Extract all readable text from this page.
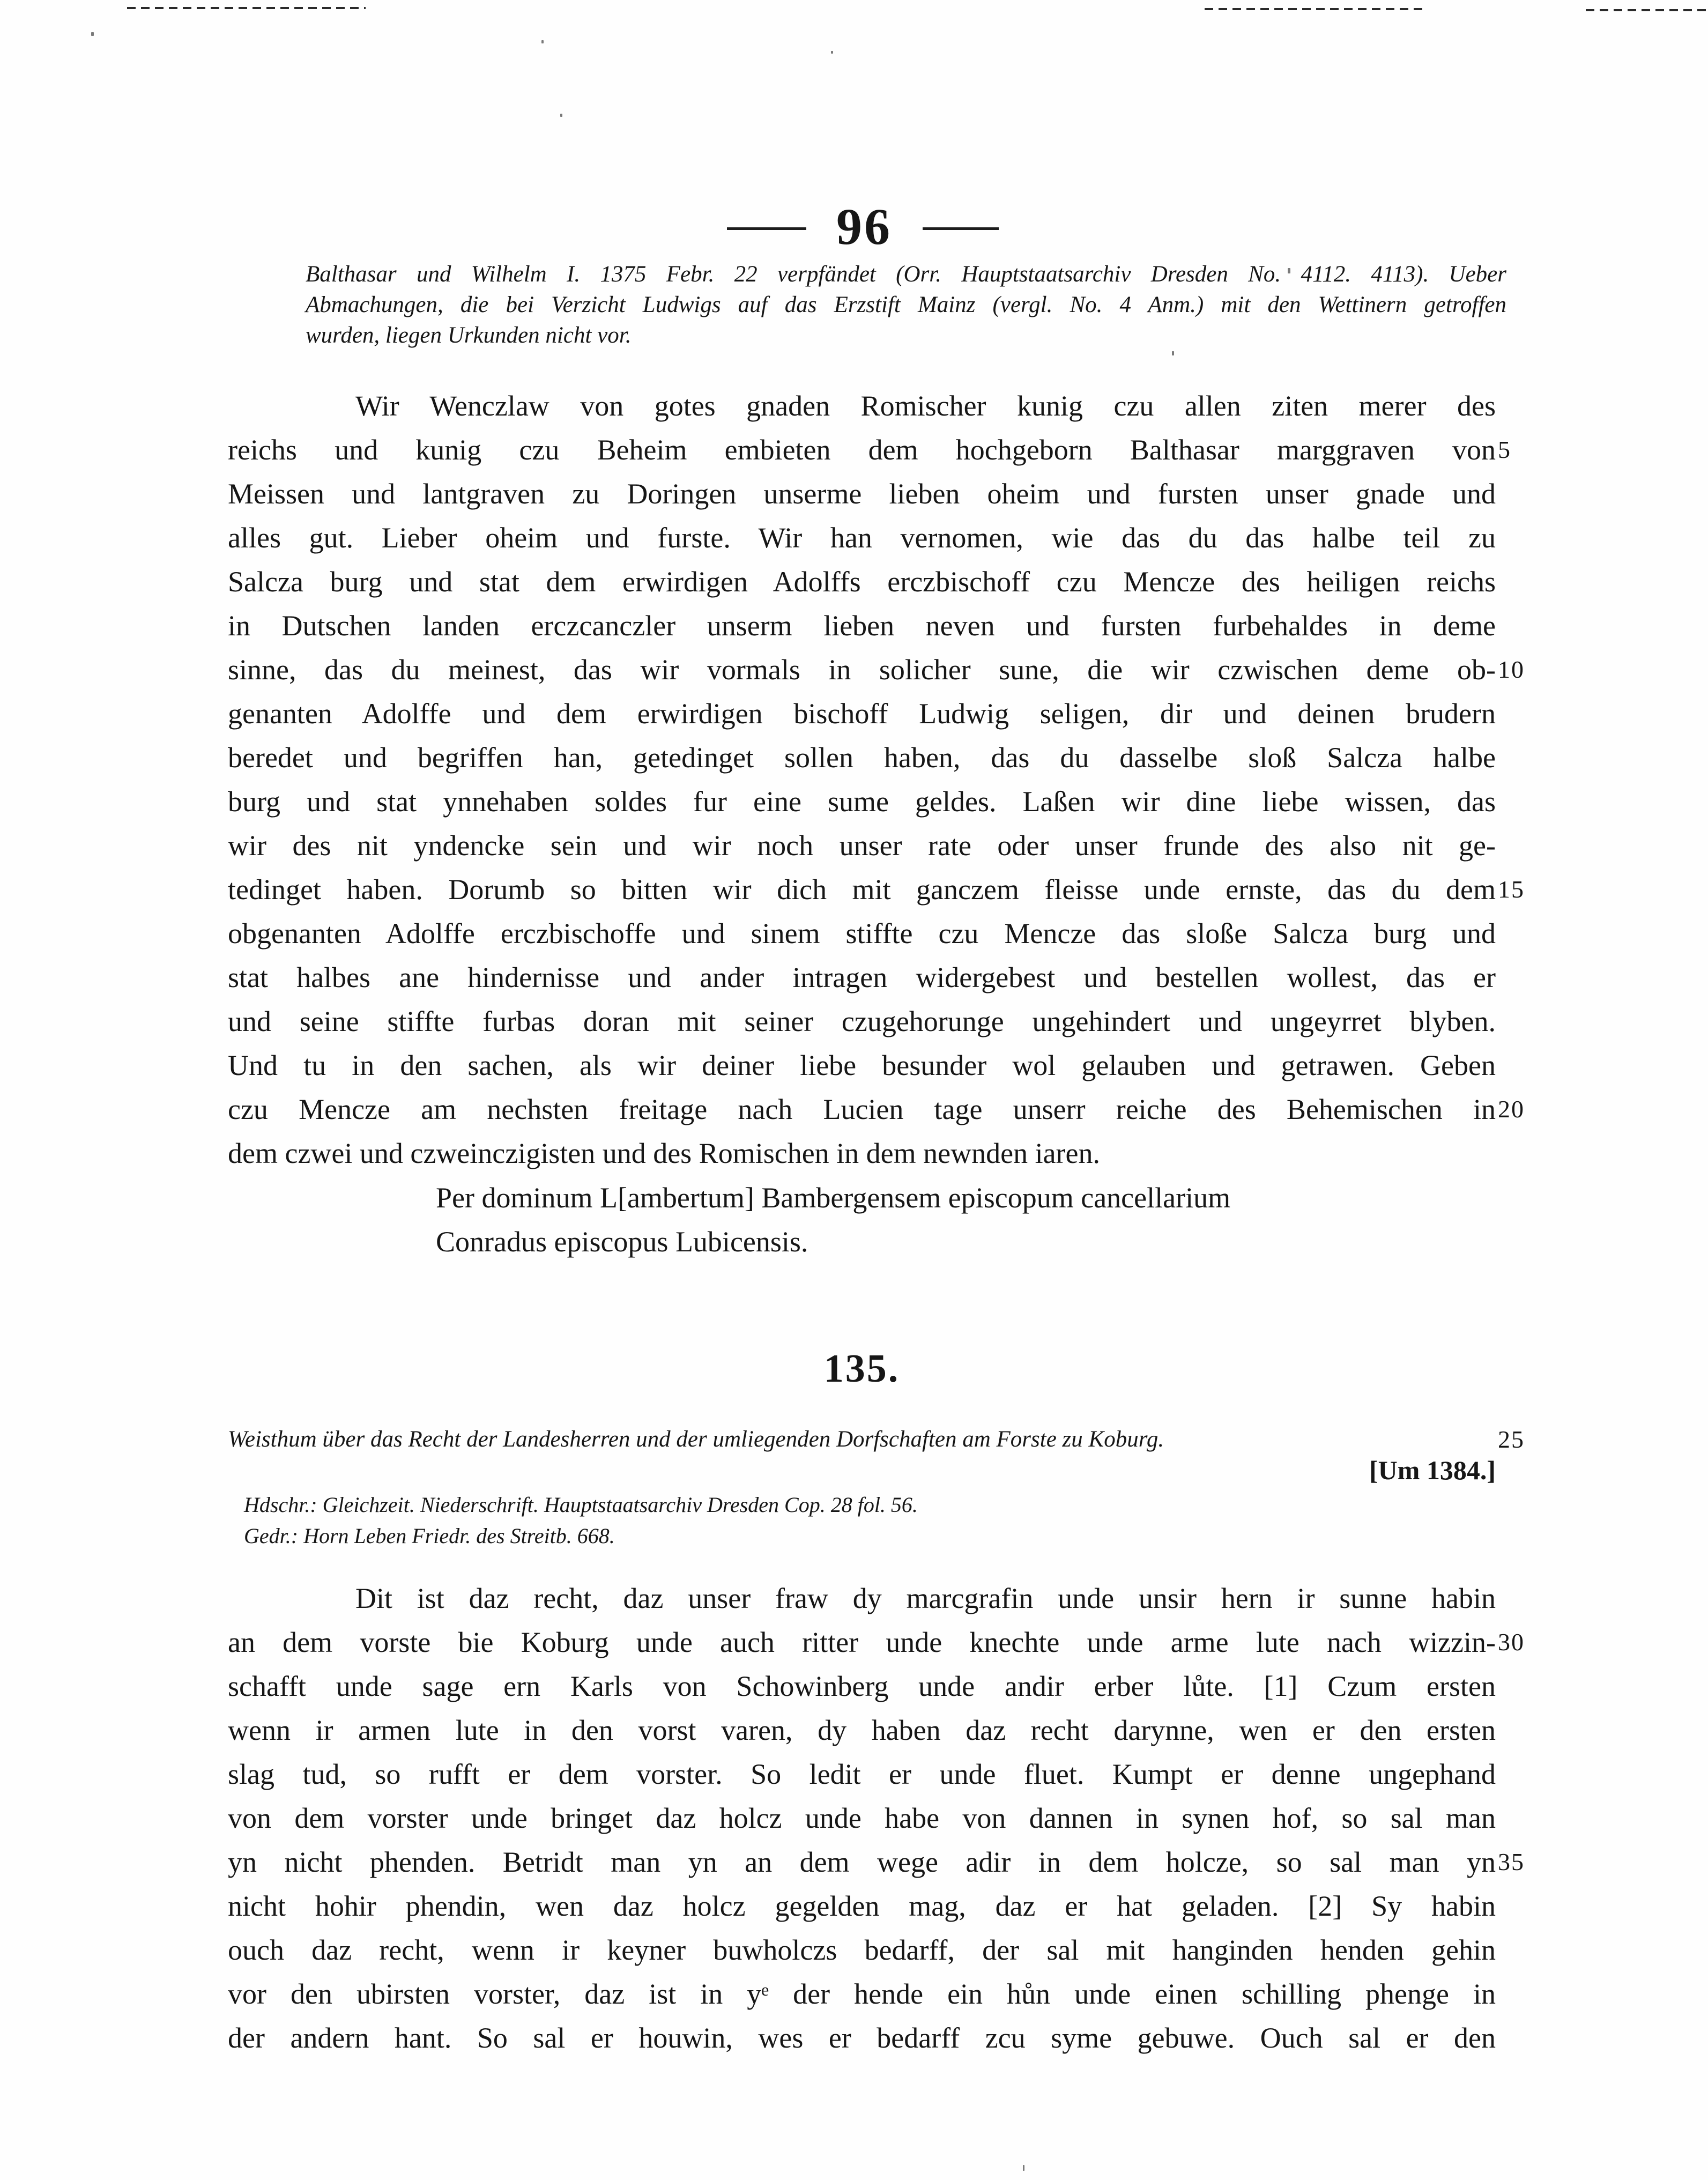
96
Balthasar und Wilhelm I. 1375 Febr. 22 verpfändet (Orr. Hauptstaatsarchiv Dresden No. 4112. 4113). Ueber
Abmachungen, die bei Verzicht Ludwigs auf das Erzstift Mainz (vergl. No. 4 Anm.) mit den Wettinern getroffen
wurden, liegen Urkunden nicht vor.
Wir Wenczlaw von gotes gnaden Romischer kunig czu allen ziten merer des
reichs und kunig czu Beheim embieten dem hochgeborn Balthasar marggraven von 5
Meissen und lantgraven zu Doringen unserme lieben oheim und fursten unser gnade und
alles gut. Lieber oheim und furste. Wir han vernomen, wie das du das halbe teil zu
Salcza burg und stat dem erwirdigen Adolffs erczbischoff czu Mencze des heiligen reichs
in Dutschen landen erczcanczler unserm lieben neven und fursten furbehaldes in deme
sinne, das du meinest, das wir vormals in solicher sune, die wir czwischen deme ob- 10
genanten Adolffe und dem erwirdigen bischoff Ludwig seligen, dir und deinen brudern
beredet und begriffen han, getedinget sollen haben, das du dasselbe sloß Salcza halbe
burg und stat ynnehaben soldes fur eine sume geldes. Laßen wir dine liebe wissen, das
wir des nit yndencke sein und wir noch unser rate oder unser frunde des also nit ge-
tedinget haben. Dorumb so bitten wir dich mit ganczem fleisse unde ernste, das du dem 15
obgenanten Adolffe erczbischoffe und sinem stiffte czu Mencze das sloße Salcza burg und
stat halbes ane hindernisse und ander intragen widergebest und bestellen wollest, das er
und seine stiffte furbas doran mit seiner czugehorunge ungehindert und ungeyrret blyben.
Und tu in den sachen, als wir deiner liebe besunder wol gelauben und getrawen. Geben
czu Mencze am nechsten freitage nach Lucien tage unserr reiche des Behemischen in 20
dem czwei und czweinczigisten und des Romischen in dem newnden iaren.
Per dominum L[ambertum] Bambergensem episcopum cancellarium
Conradus episcopus Lubicensis.
135.
Weisthum über das Recht der Landesherren und der umliegenden Dorfschaften am Forste zu Koburg.	25
[Um 1384.]
Hdschr.: Gleichzeit. Niederschrift. Hauptstaatsarchiv Dresden Cop. 28 fol. 56.
Gedr.: Horn Leben Friedr. des Streitb. 668.
Dit ist daz recht, daz unser fraw dy marcgrafin unde unsir hern ir sunne habin
an dem vorste bie Koburg unde auch ritter unde knechte unde arme lute nach wizzin- 30
schafft unde sage ern Karls von Schowinberg unde andir erber lůte. [1] Czum ersten
wenn ir armen lute in den vorst varen, dy haben daz recht darynne, wen er den ersten
slag tud, so rufft er dem vorster. So ledit er unde fluet. Kumpt er denne ungephand
von dem vorster unde bringet daz holcz unde habe von dannen in synen hof, so sal man
yn nicht phenden. Betridt man yn an dem wege adir in dem holcze, so sal man yn 35
nicht hohir phendin, wen daz holcz gegelden mag, daz er hat geladen. [2] Sy habin
ouch daz recht, wenn ir keyner buwholczs bedarff, der sal mit hanginden henden gehin
vor den ubirsten vorster, daz ist in yᵉ der hende ein hůn unde einen schilling phenge in
der andern hant. So sal er houwin, wes er bedarff zcu syme gebuwe. Ouch sal er den
